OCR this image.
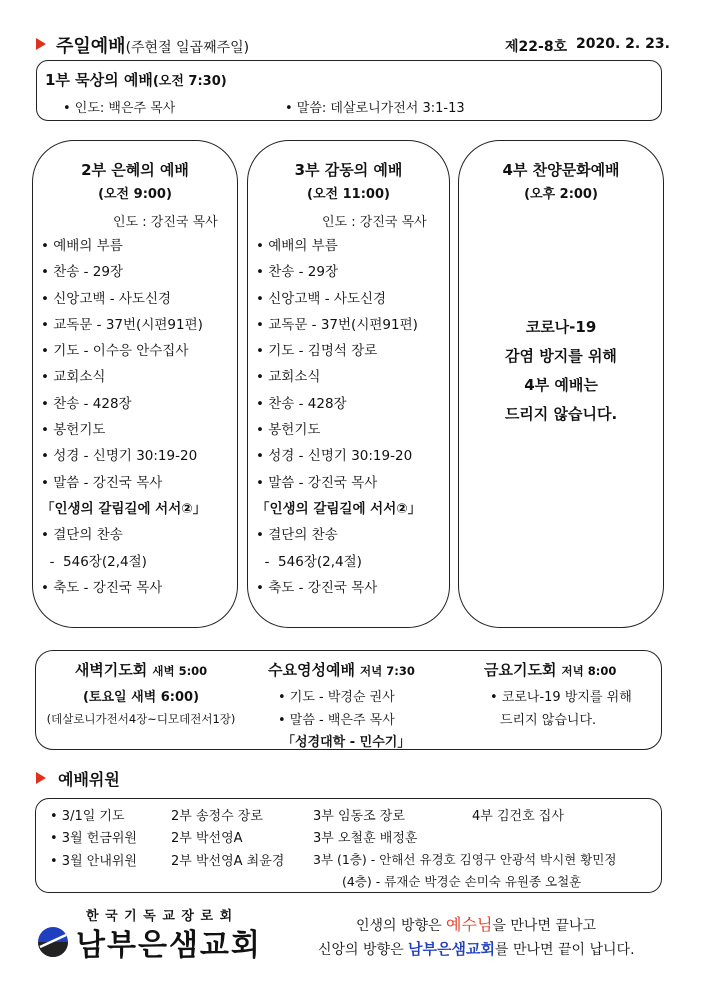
주일예배(주현절 일곱째주일)	제22-8호 2020. 2. 23.
1부 묵상의 예배(오전 7:30)
• 인도: 백은주 목사	• 말씀: 데살로니가전서 3:1-13
2부 은혜의 예배
(오전 9:00)
인도 : 강진국 목사
• 예배의 부름
• 찬송 - 29장
• 신앙고백 - 사도신경
• 교독문 - 37번(시편91편)
• 기도 - 이수응 안수집사
• 교회소식
• 찬송 - 428장
• 봉헌기도
• 성경 - 신명기 30:19-20
• 말씀 - 강진국 목사
「인생의 갈림길에 서서②」
• 결단의 찬송
-  546장(2,4절)
• 축도 - 강진국 목사
3부 감동의 예배
(오전 11:00)
인도 : 강진국 목사
• 예배의 부름
• 찬송 - 29장
• 신앙고백 - 사도신경
• 교독문 - 37번(시편91편)
• 기도 - 김명석 장로
• 교회소식
• 찬송 - 428장
• 봉헌기도
• 성경 - 신명기 30:19-20
• 말씀 - 강진국 목사
「인생의 갈림길에 서서②」
• 결단의 찬송
-  546장(2,4절)
• 축도 - 강진국 목사
4부 찬양문화예배
(오후 2:00)
코로나-19
감염 방지를 위해
4부 예배는
드리지 않습니다.
새벽기도회 새벽 5:00
(토요일 새벽 6:00)
(데살로니가전서4장~디모데전서1장)
수요영성예배 저녁 7:30
• 기도 - 박경순 권사
• 말씀 - 백은주 목사
「성경대학 - 민수기」
금요기도회 저녁 8:00
• 코로나-19 방지를 위해
드리지 않습니다.
예배위원
• 3/1일 기도	2부 송정수 장로	3부 임동조 장로	4부 김건호 집사
• 3월 헌금위원	2부 박선영A	3부 오철훈 배정훈
• 3월 안내위원	2부 박선영A 최윤경 3부 (1층) - 안해선 유경호 김영구 안광석 박시현 황민정
(4층) - 류재순 박경순 손미숙 유원종 오철훈
한 국 기 독 교 장 로 회
남부은샘교회
인생의 방향은 예수님을 만나면 끝나고
신앙의 방향은 남부은샘교회를 만나면 끝이 납니다.
